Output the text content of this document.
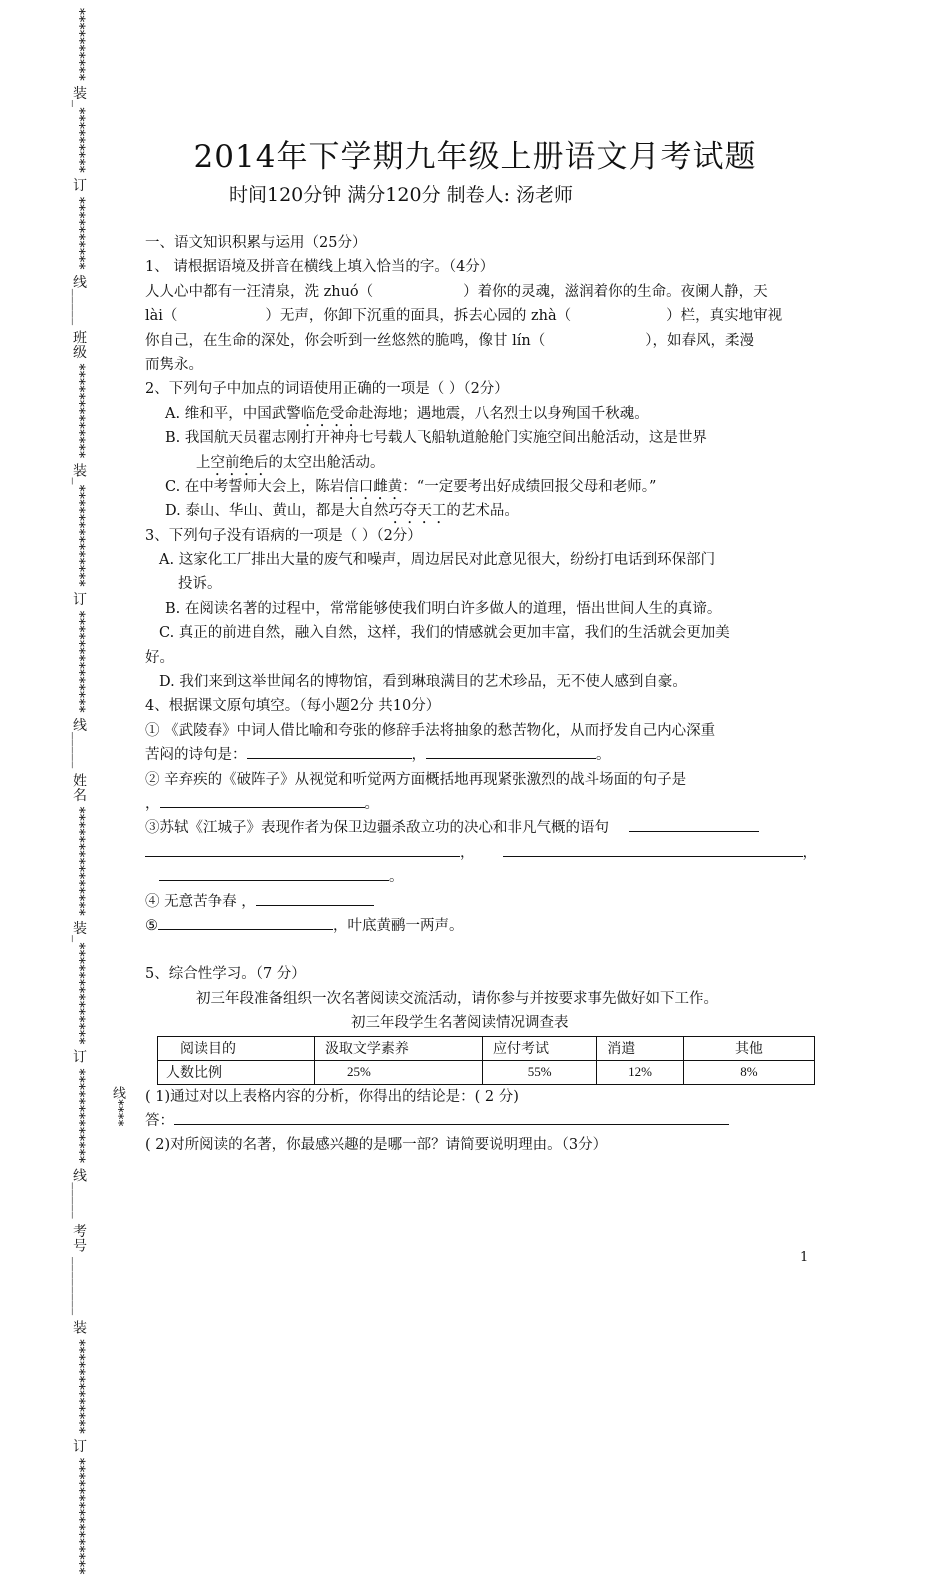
********** 装_********* 订 ********** 线_____ 班级 ************* 装_************** 订 ************** 线_____ 姓名 *************** 装_************** 订 ************* 线_____ 考号 ________ 装 ************* 订 **************** 线****
2014年下学期九年级上册语文月考试题
时间120分钟 满分120分 制卷人: 汤老师
一、语文知识积累与运用（25分）
1、 请根据语境及拼音在横线上填入恰当的字。（4分）
人人心中都有一汪清泉，洗 zhuó（	）着你的灵魂，滋润着你的生命。夜阑人静，天
lài（	）无声，你卸下沉重的面具，拆去心园的 zhà（	）栏，真实地审视
你自己，在生命的深处，你会听到一丝悠然的脆鸣，像甘 lín（	），如春风，柔漫
而隽永。
2、下列句子中加点的词语使用正确的一项是（ ）（2分）
A. 维和平，中国武警临危受命赴海地；遇地震，八名烈士以身殉国千秋魂。
B. 我国航天员翟志刚打开神舟七号载人飞船轨道舱舱门实施空间出舱活动，这是世界
上空前绝后的太空出舱活动。
C. 在中考誓师大会上，陈岩信口雌黄：“一定要考出好成绩回报父母和老师。”
D. 泰山、华山、黄山，都是大自然巧夺天工的艺术品。
3、下列句子没有语病的一项是（ ）（2分）
A. 这家化工厂排出大量的废气和噪声，周边居民对此意见很大，纷纷打电话到环保部门
投诉。
B. 在阅读名著的过程中，常常能够使我们明白许多做人的道理，悟出世间人生的真谛。
C. 真正的前进自然，融入自然，这样，我们的情感就会更加丰富，我们的生活就会更加美
好。
D. 我们来到这举世闻名的博物馆，看到琳琅满目的艺术珍品，无不使人感到自豪。
4、根据课文原句填空。（每小题2分 共10分）
① 《武陵春》中词人借比喻和夸张的修辞手法将抽象的愁苦物化，从而抒发自己内心深重
苦闷的诗句是：	，	。
② 辛弃疾的《破阵子》从视觉和听觉两方面概括地再现紧张激烈的战斗场面的句子是
，	。
③苏轼《江城子》表现作者为保卫边疆杀敌立功的决心和非凡气概的语句
，	，
。
④ 无意苦争春 ，
⑤	，叶底黄鹂一两声。
5、综合性学习。（7 分）
初三年段准备组织一次名著阅读交流活动，请你参与并按要求事先做好如下工作。
初三年段学生名著阅读情况调查表
阅读目的	汲取文学素养	应付考试	消遣	其他
人数比例	25%	55%	12%	8%
( 1)通过对以上表格内容的分析，你得出的结论是：( 2 分)
答：
( 2)对所阅读的名著，你最感兴趣的是哪一部？请简要说明理由。（3分）
1
